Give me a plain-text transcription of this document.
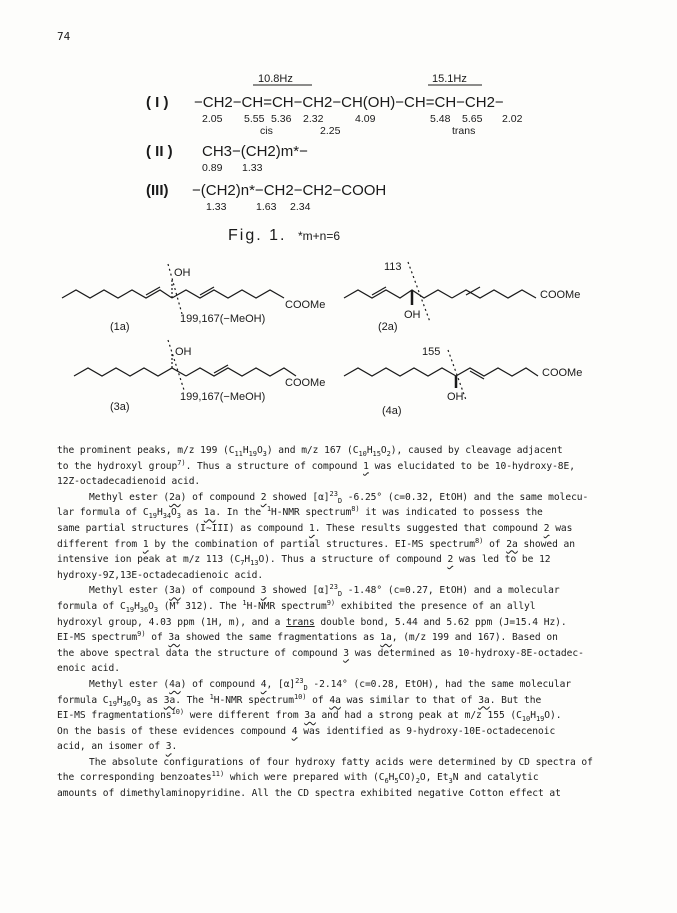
74
10.8Hz	15.1Hz
( I ) −CH2−CH=CH−CH2−CH(OH)−CH=CH−CH2−
2.05 5.55 5.36 2.32	4.09	5.48 5.65 2.02
cis	2.25	trans
( II ) CH3−(CH2)m*−
0.89 1.33
(III) −(CH2)n*−CH2−CH2−COOH
1.33	1.63 2.34
Fig. 1. *m+n=6
OH
COOMe
199,167(−MeOH)
(1a)
113
OH
COOMe
(2a)
OH
COOMe
199,167(−MeOH)
(3a)
155
OH
COOMe
(4a)

the prominent peaks, m/z 199 $(C_{11}H_{19}O_3)$ and m/z 167 $(C_{10}H_{15}O_2)$, caused by cleavage adjacent
to the hydroxyl group$^{7)}$. Thus a structure of compound 1 was elucidated to be 10-hydroxy-8E,
12Z-octadecadienoid acid.

Methyl ester (2a) of compound 2 showed $[\alpha]^{23}_D$ -6.25° (c=0.32, EtOH) and the same molecu-
lar formula of $C_{19}H_{34}O_3$ as 1a. In the $^1$H-NMR spectrum$^{8)}$ it was indicated to possess the
same partial structures (I∼III) as compound 1. These results suggested that compound 2 was
different from 1 by the combination of partial structures. EI-MS spectrum$^{8)}$ of 2a showed an
intensive ion peak at m/z 113 $(C_7H_{13}O)$. Thus a structure of compound 2 was led to be 12
hydroxy-9Z,13E-octadecadienoic acid.

Methyl ester (3a) of compound 3 showed $[\alpha]^{23}_D$ -1.48° (c=0.27, EtOH) and a molecular
formula of $C_{19}H_{36}O_3$ (M+ 312). The $^1$H-NMR spectrum$^{9)}$ exhibited the presence of an allyl
hydroxyl group, 4.03 ppm (1H, m), and a trans double bond, 5.44 and 5.62 ppm (J=15.4 Hz).
EI-MS spectrum$^{9)}$ of 3a showed the same fragmentations as 1a, (m/z 199 and 167). Based on
the above spectral data the structure of compound 3 was determined as 10-hydroxy-8E-octadec-
enoic acid.

Methyl ester (4a) of compound 4, $[\alpha]^{23}_D$ -2.14° (c=0.28, EtOH), had the same molecular
formula $C_{19}H_{36}O_3$ as 3a. The $^1$H-NMR spectrum$^{10)}$ of 4a was similar to that of 3a. But the
EI-MS fragmentations$^{10)}$ were different from 3a and had a strong peak at m/z 155 $(C_{10}H_{19}O)$.
On the basis of these evidences compound 4 was identified as 9-hydroxy-10E-octadecenoic
acid, an isomer of 3.

The absolute configurations of four hydroxy fatty acids were determined by CD spectra of
the corresponding benzoates$^{11)}$ which were prepared with $(C_6H_5CO)_2O$, $Et_3N$ and catalytic
amounts of dimethylaminopyridine. All the CD spectra exhibited negative Cotton effect at
